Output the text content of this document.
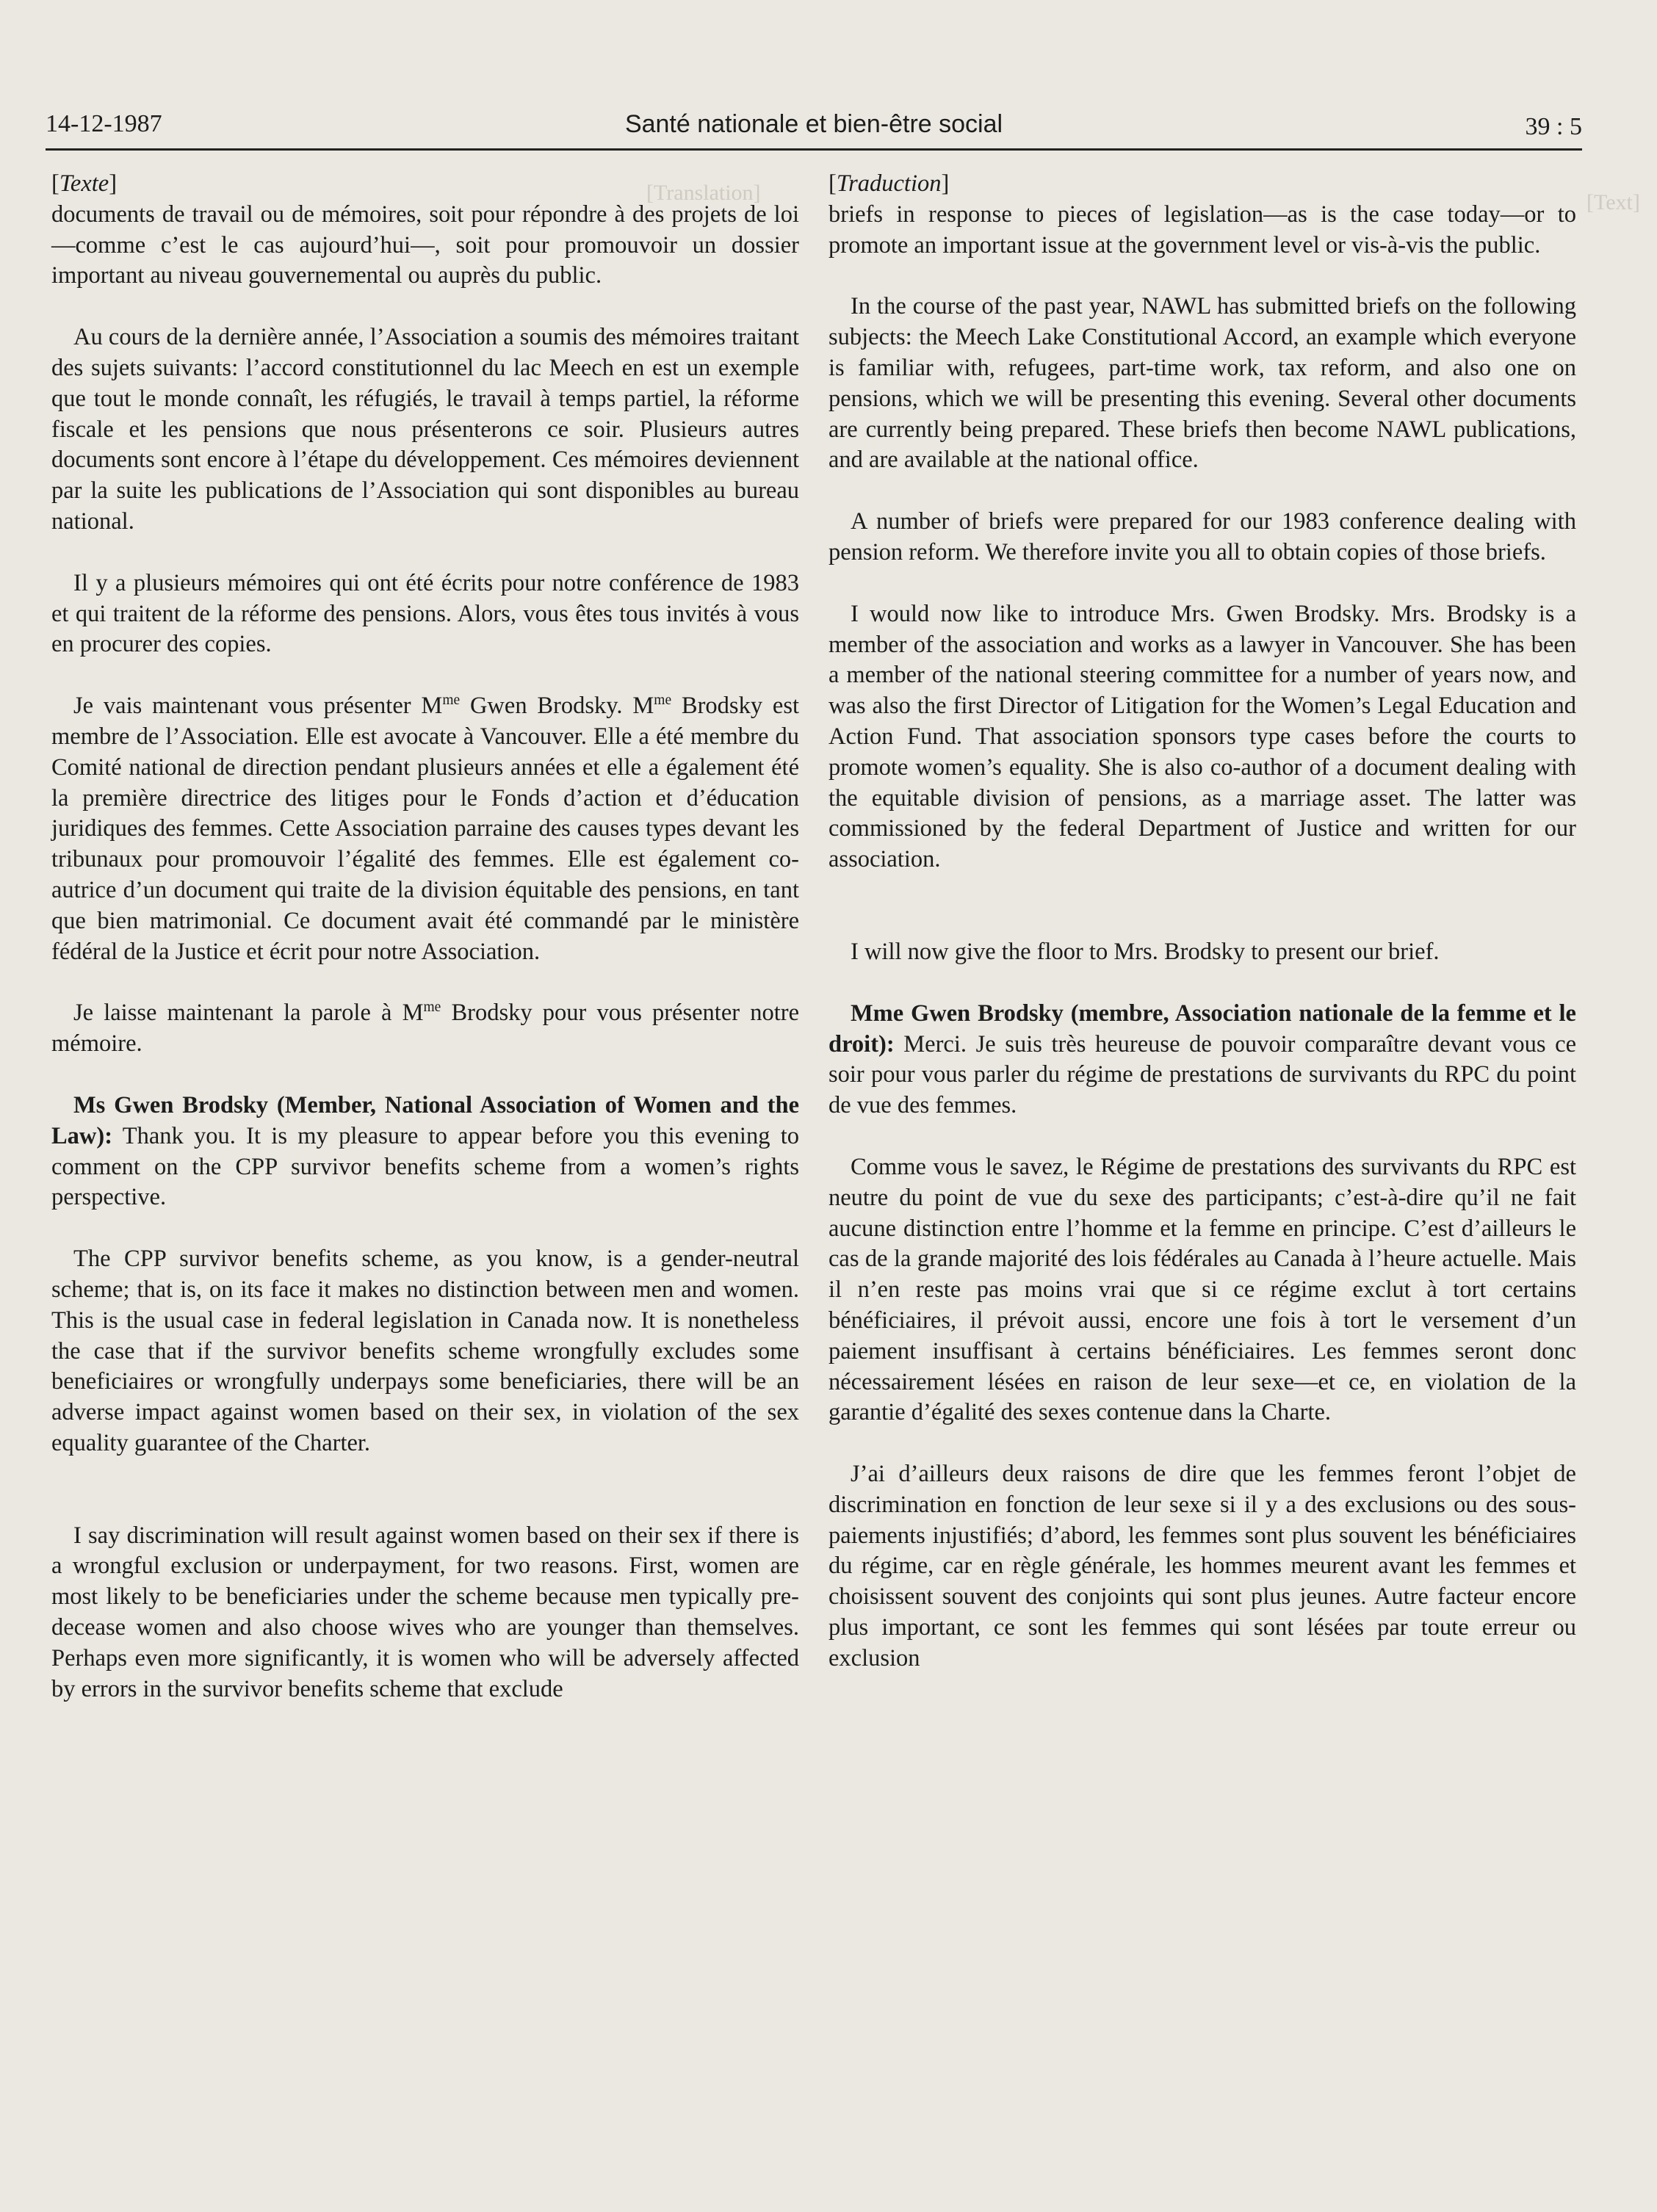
[Translation]	[Text]
14-12-1987	Santé nationale et bien-être social	39 : 5

[Texte]

documents de travail ou de mémoires, soit pour répondre à des projets de loi—comme c’est le cas aujourd’hui—, soit pour promouvoir un dossier important au niveau gouvernemental ou auprès du public.

Au cours de la dernière année, l’Association a soumis des mémoires traitant des sujets suivants: l’accord constitutionnel du lac Meech en est un exemple que tout le monde connaît, les réfugiés, le travail à temps partiel, la réforme fiscale et les pensions que nous présenterons ce soir. Plusieurs autres documents sont encore à l’étape du développement. Ces mémoires deviennent par la suite les publications de l’Association qui sont disponibles au bureau national.

Il y a plusieurs mémoires qui ont été écrits pour notre conférence de 1983 et qui traitent de la réforme des pensions. Alors, vous êtes tous invités à vous en procurer des copies.

Je vais maintenant vous présenter $M^{me}$ Gwen Brodsky. $M^{me}$ Brodsky est membre de l’Association. Elle est avocate à Vancouver. Elle a été membre du Comité national de direction pendant plusieurs années et elle a également été la première directrice des litiges pour le Fonds d’action et d’éducation juridiques des femmes. Cette Association parraine des causes types devant les tribunaux pour promouvoir l’égalité des femmes. Elle est également co-autrice d’un document qui traite de la division équitable des pensions, en tant que bien matrimonial. Ce document avait été commandé par le ministère fédéral de la Justice et écrit pour notre Association.

Je laisse maintenant la parole à $M^{me}$ Brodsky pour vous présenter notre mémoire.

Ms Gwen Brodsky (Member, National Association of Women and the Law): Thank you. It is my pleasure to appear before you this evening to comment on the CPP survivor benefits scheme from a women’s rights perspective.

The CPP survivor benefits scheme, as you know, is a gender-neutral scheme; that is, on its face it makes no distinction between men and women. This is the usual case in federal legislation in Canada now. It is nonetheless the case that if the survivor benefits scheme wrongfully excludes some beneficiaires or wrongfully underpays some beneficiaries, there will be an adverse impact against women based on their sex, in violation of the sex equality guarantee of the Charter.

I say discrimination will result against women based on their sex if there is a wrongful exclusion or underpayment, for two reasons. First, women are most likely to be beneficiaries under the scheme because men typically pre-decease women and also choose wives who are younger than themselves. Perhaps even more significantly, it is women who will be adversely affected by errors in the survivor benefits scheme that exclude

[Traduction]

briefs in response to pieces of legislation—as is the case today—or to promote an important issue at the government level or vis-à-vis the public.

In the course of the past year, NAWL has submitted briefs on the following subjects: the Meech Lake Constitutional Accord, an example which everyone is familiar with, refugees, part-time work, tax reform, and also one on pensions, which we will be presenting this evening. Several other documents are currently being prepared. These briefs then become NAWL publications, and are available at the national office.

A number of briefs were prepared for our 1983 conference dealing with pension reform. We therefore invite you all to obtain copies of those briefs.

I would now like to introduce Mrs. Gwen Brodsky. Mrs. Brodsky is a member of the association and works as a lawyer in Vancouver. She has been a member of the national steering committee for a number of years now, and was also the first Director of Litigation for the Women’s Legal Education and Action Fund. That association sponsors type cases before the courts to promote women’s equality. She is also co-author of a document dealing with the equitable division of pensions, as a marriage asset. The latter was commissioned by the federal Department of Justice and written for our association.

I will now give the floor to Mrs. Brodsky to present our brief.

Mme Gwen Brodsky (membre, Association nationale de la femme et le droit): Merci. Je suis très heureuse de pouvoir comparaître devant vous ce soir pour vous parler du régime de prestations de survivants du RPC du point de vue des femmes.

Comme vous le savez, le Régime de prestations des survivants du RPC est neutre du point de vue du sexe des participants; c’est-à-dire qu’il ne fait aucune distinction entre l’homme et la femme en principe. C’est d’ailleurs le cas de la grande majorité des lois fédérales au Canada à l’heure actuelle. Mais il n’en reste pas moins vrai que si ce régime exclut à tort certains bénéficiaires, il prévoit aussi, encore une fois à tort le versement d’un paiement insuffisant à certains bénéficiaires. Les femmes seront donc nécessairement lésées en raison de leur sexe—et ce, en violation de la garantie d’égalité des sexes contenue dans la Charte.

J’ai d’ailleurs deux raisons de dire que les femmes feront l’objet de discrimination en fonction de leur sexe si il y a des exclusions ou des sous-paiements injustifiés; d’abord, les femmes sont plus souvent les bénéficiaires du régime, car en règle générale, les hommes meurent avant les femmes et choisissent souvent des conjoints qui sont plus jeunes. Autre facteur encore plus important, ce sont les femmes qui sont lésées par toute erreur ou exclusion
